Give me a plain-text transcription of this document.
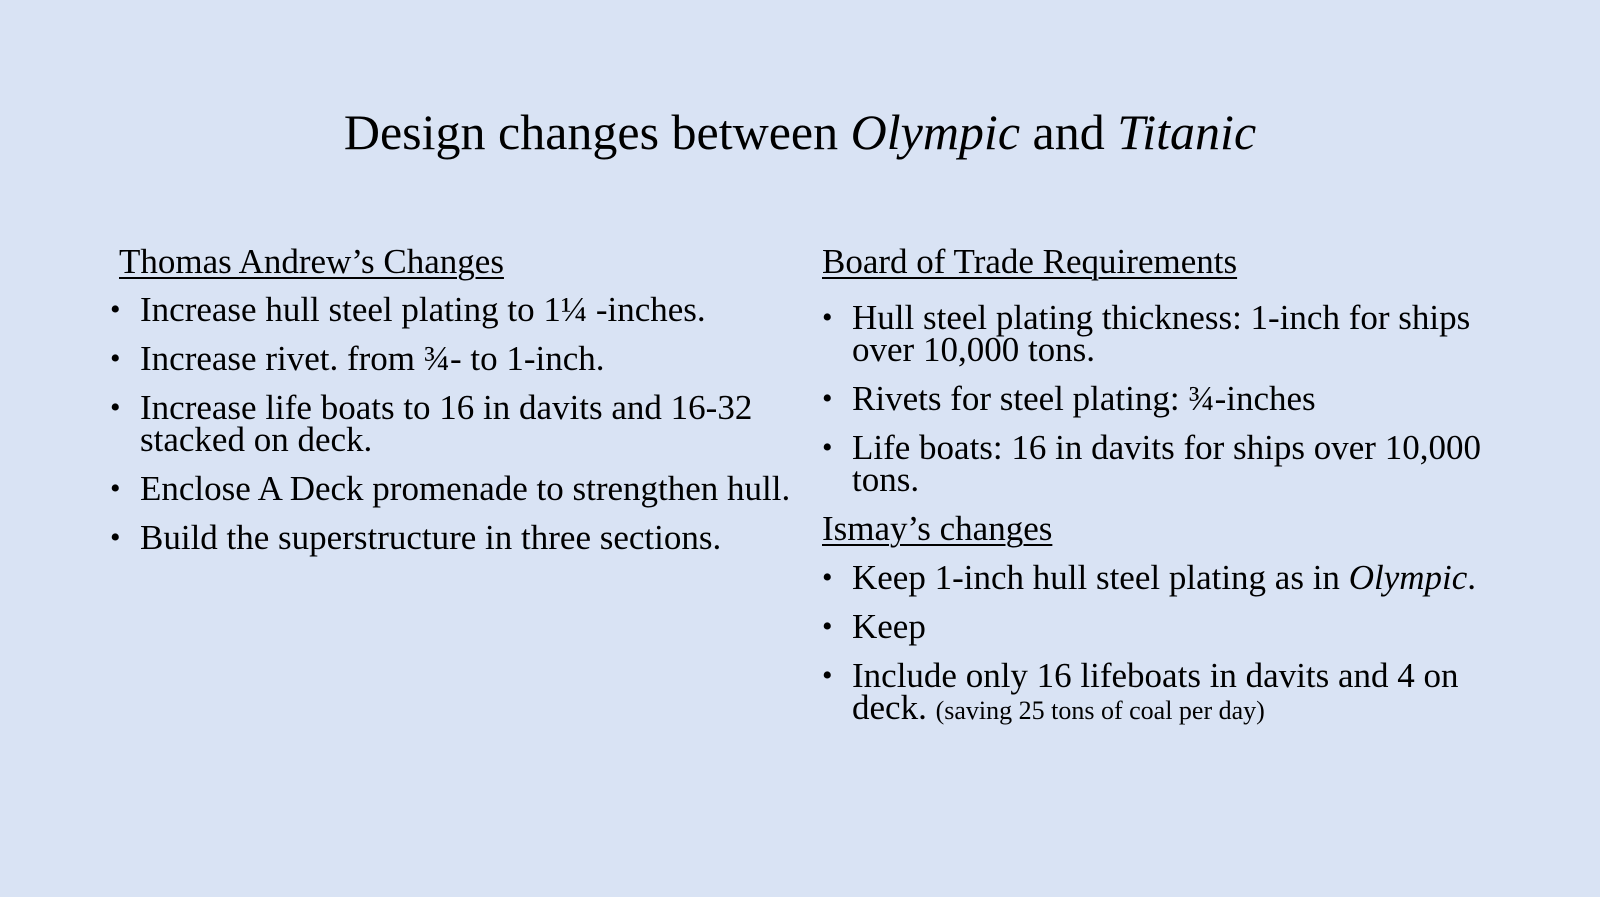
Design changes between Olympic and Titanic

Thomas Andrew’s Changes

• Increase hull steel plating to 1¼ -inches.
• Increase rivet. from ¾- to 1-inch.
• Increase life boats to 16 in davits and 16-32 stacked on deck.
• Enclose A Deck promenade to strengthen hull.
• Build the superstructure in three sections.

Board of Trade Requirements

• Hull steel plating thickness: 1-inch for ships over 10,000 tons.
• Rivets for steel plating: ¾-inches
• Life boats: 16 in davits for ships over 10,000 tons.

Ismay’s changes

• Keep 1-inch hull steel plating as in Olympic.
• Keep
• Include only 16 lifeboats in davits and 4 on deck. (saving 25 tons of coal per day)
